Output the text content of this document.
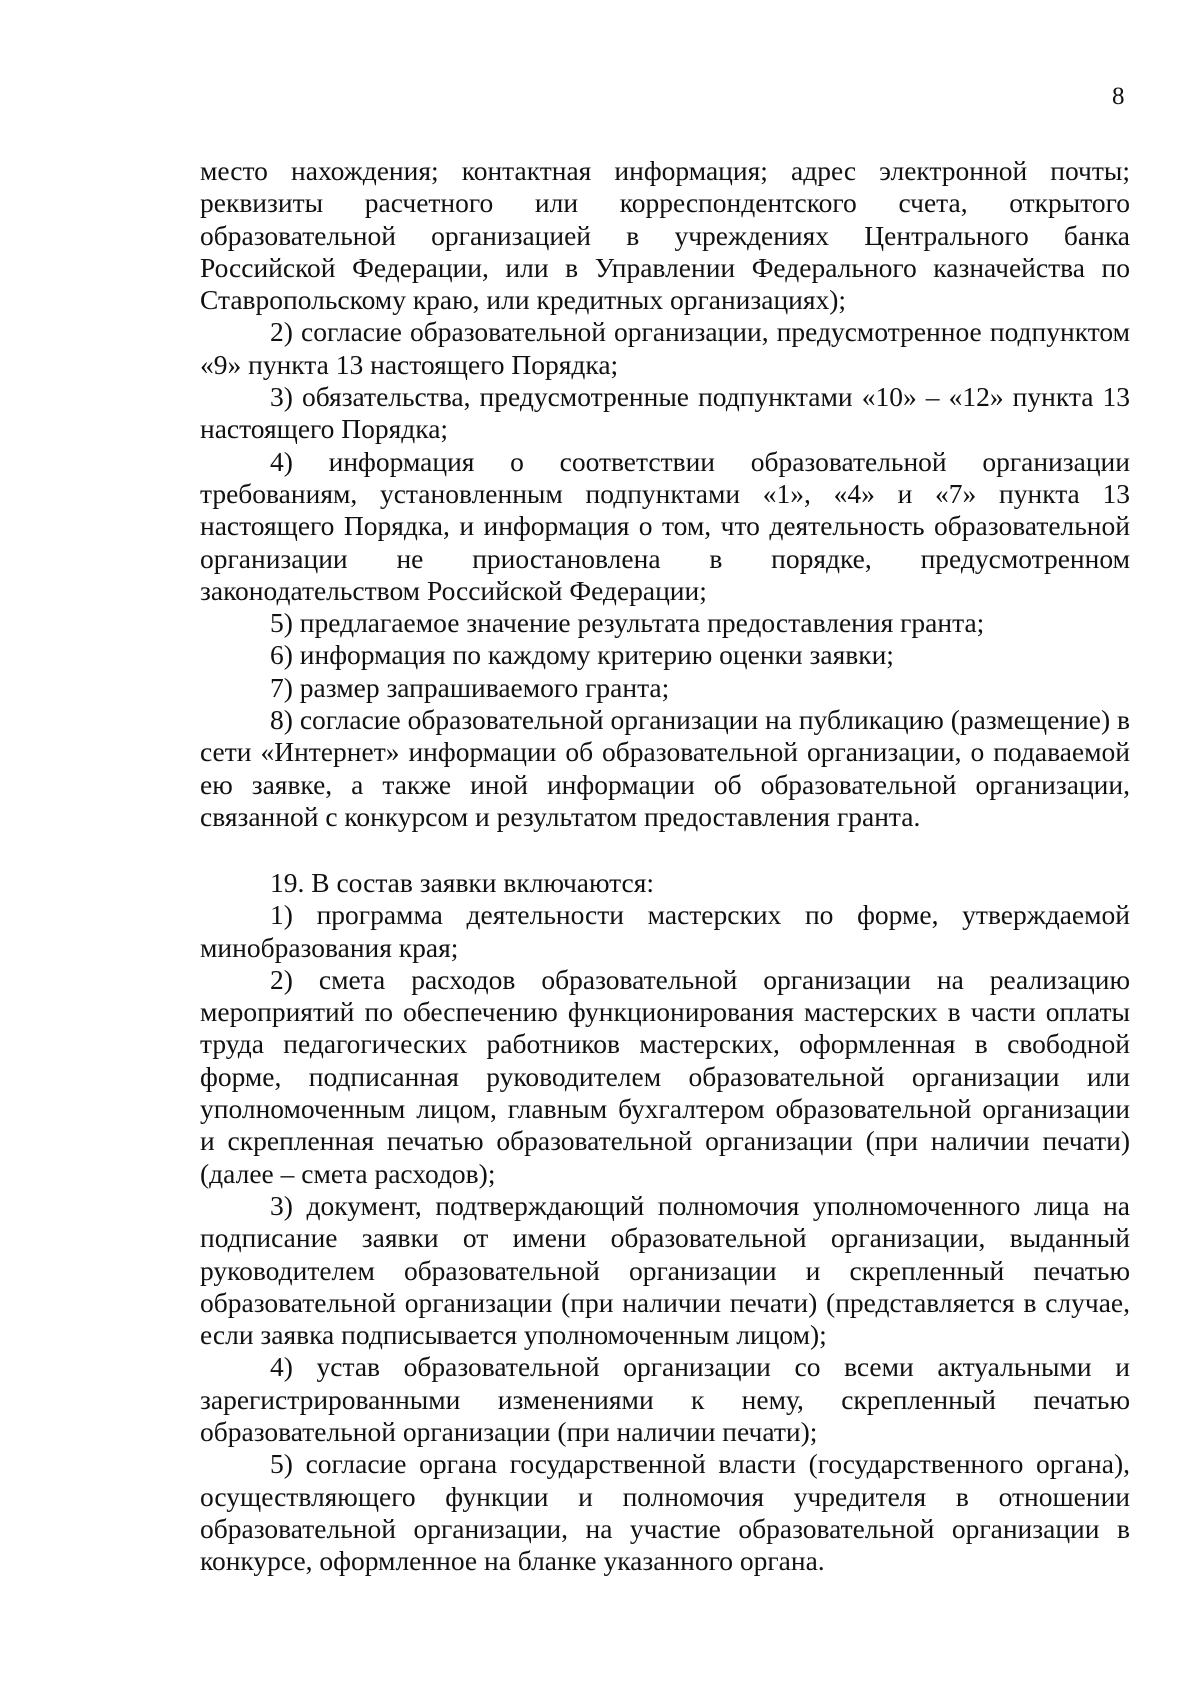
8

место нахождения; контактная информация; адрес электронной почты; реквизиты расчетного или корреспондентского счета, открытого образовательной организацией в учреждениях Центрального банка Российской Федерации, или в Управлении Федерального казначейства по Ставропольскому краю, или кредитных организациях);

2) согласие образовательной организации, предусмотренное подпунктом «9» пункта 13 настоящего Порядка;

3) обязательства, предусмотренные подпунктами «10» – «12» пункта 13 настоящего Порядка;

4) информация о соответствии образовательной организации требованиям, установленным подпунктами «1», «4» и «7» пункта 13 настоящего Порядка, и информация о том, что деятельность образовательной организации не приостановлена в порядке, предусмотренном законодательством Российской Федерации;

5) предлагаемое значение результата предоставления гранта;

6) информация по каждому критерию оценки заявки;

7) размер запрашиваемого гранта;

8) согласие образовательной организации на публикацию (размещение) в сети «Интернет» информации об образовательной организации, о подаваемой ею заявке, а также иной информации об образовательной организации, связанной с конкурсом и результатом предоставления гранта.

19. В состав заявки включаются:

1) программа деятельности мастерских по форме, утверждаемой минобразования края;

2) смета расходов образовательной организации на реализацию мероприятий по обеспечению функционирования мастерских в части оплаты труда педагогических работников мастерских, оформленная в свободной форме, подписанная руководителем образовательной организации или уполномоченным лицом, главным бухгалтером образовательной организации и скрепленная печатью образовательной организации (при наличии печати) (далее – смета расходов);

3) документ, подтверждающий полномочия уполномоченного лица на подписание заявки от имени образовательной организации, выданный руководителем образовательной организации и скрепленный печатью образовательной организации (при наличии печати) (представляется в случае, если заявка подписывается уполномоченным лицом);

4) устав образовательной организации со всеми актуальными и зарегистрированными изменениями к нему, скрепленный печатью образовательной организации (при наличии печати);

5) согласие органа государственной власти (государственного органа), осуществляющего функции и полномочия учредителя в отношении образовательной организации, на участие образовательной организации в конкурсе, оформленное на бланке указанного органа.
